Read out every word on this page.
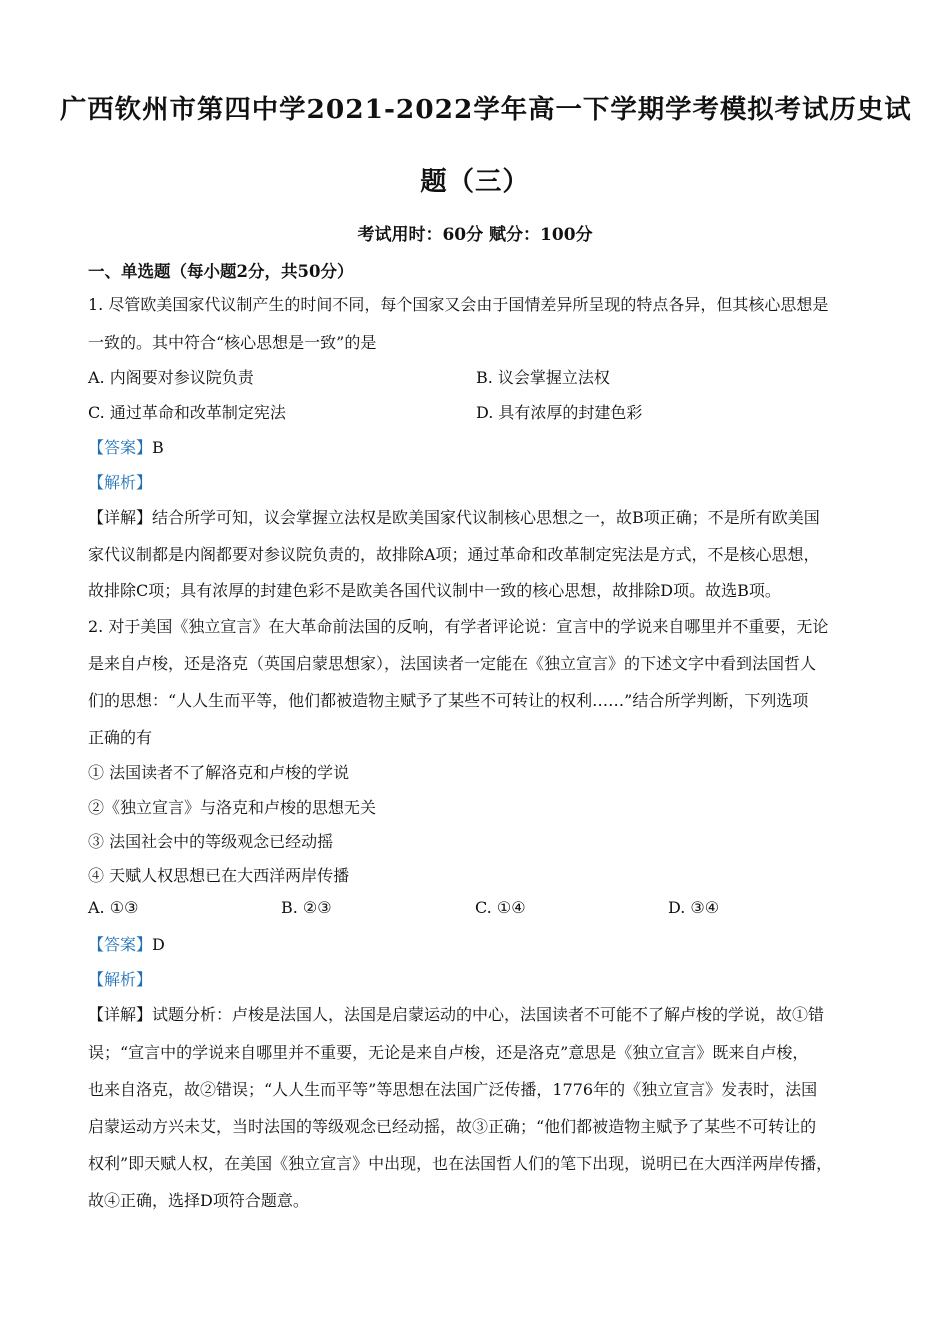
广西钦州市第四中学2021-2022学年高一下学期学考模拟考试历史试
题（三）
考试用时：60分 赋分：100分
一、单选题（每小题2分，共50分）
1. 尽管欧美国家代议制产生的时间不同，每个国家又会由于国情差异所呈现的特点各异，但其核心思想是
一致的。其中符合“核心思想是一致”的是
A. 内阁要对参议院负责	B. 议会掌握立法权
C. 通过革命和改革制定宪法	D. 具有浓厚的封建色彩
【答案】B
【解析】
【详解】结合所学可知，议会掌握立法权是欧美国家代议制核心思想之一，故B项正确；不是所有欧美国
家代议制都是内阁都要对参议院负责的，故排除A项；通过革命和改革制定宪法是方式，不是核心思想，
故排除C项；具有浓厚的封建色彩不是欧美各国代议制中一致的核心思想，故排除D项。故选B项。
2. 对于美国《独立宣言》在大革命前法国的反响，有学者评论说：宣言中的学说来自哪里并不重要，无论
是来自卢梭，还是洛克（英国启蒙思想家），法国读者一定能在《独立宣言》的下述文字中看到法国哲人
们的思想：“人人生而平等，他们都被造物主赋予了某些不可转让的权利……”结合所学判断，下列选项
正确的有
① 法国读者不了解洛克和卢梭的学说
②《独立宣言》与洛克和卢梭的思想无关
③ 法国社会中的等级观念已经动摇
④ 天赋人权思想已在大西洋两岸传播
A. ①③	B. ②③	C. ①④	D. ③④
【答案】D
【解析】
【详解】试题分析：卢梭是法国人，法国是启蒙运动的中心，法国读者不可能不了解卢梭的学说，故①错
误；“宣言中的学说来自哪里并不重要，无论是来自卢梭，还是洛克”意思是《独立宣言》既来自卢梭，
也来自洛克，故②错误；“人人生而平等”等思想在法国广泛传播，1776年的《独立宣言》发表时，法国
启蒙运动方兴未艾，当时法国的等级观念已经动摇，故③正确；“他们都被造物主赋予了某些不可转让的
权利”即天赋人权，在美国《独立宣言》中出现，也在法国哲人们的笔下出现，说明已在大西洋两岸传播，
故④正确，选择D项符合题意。
